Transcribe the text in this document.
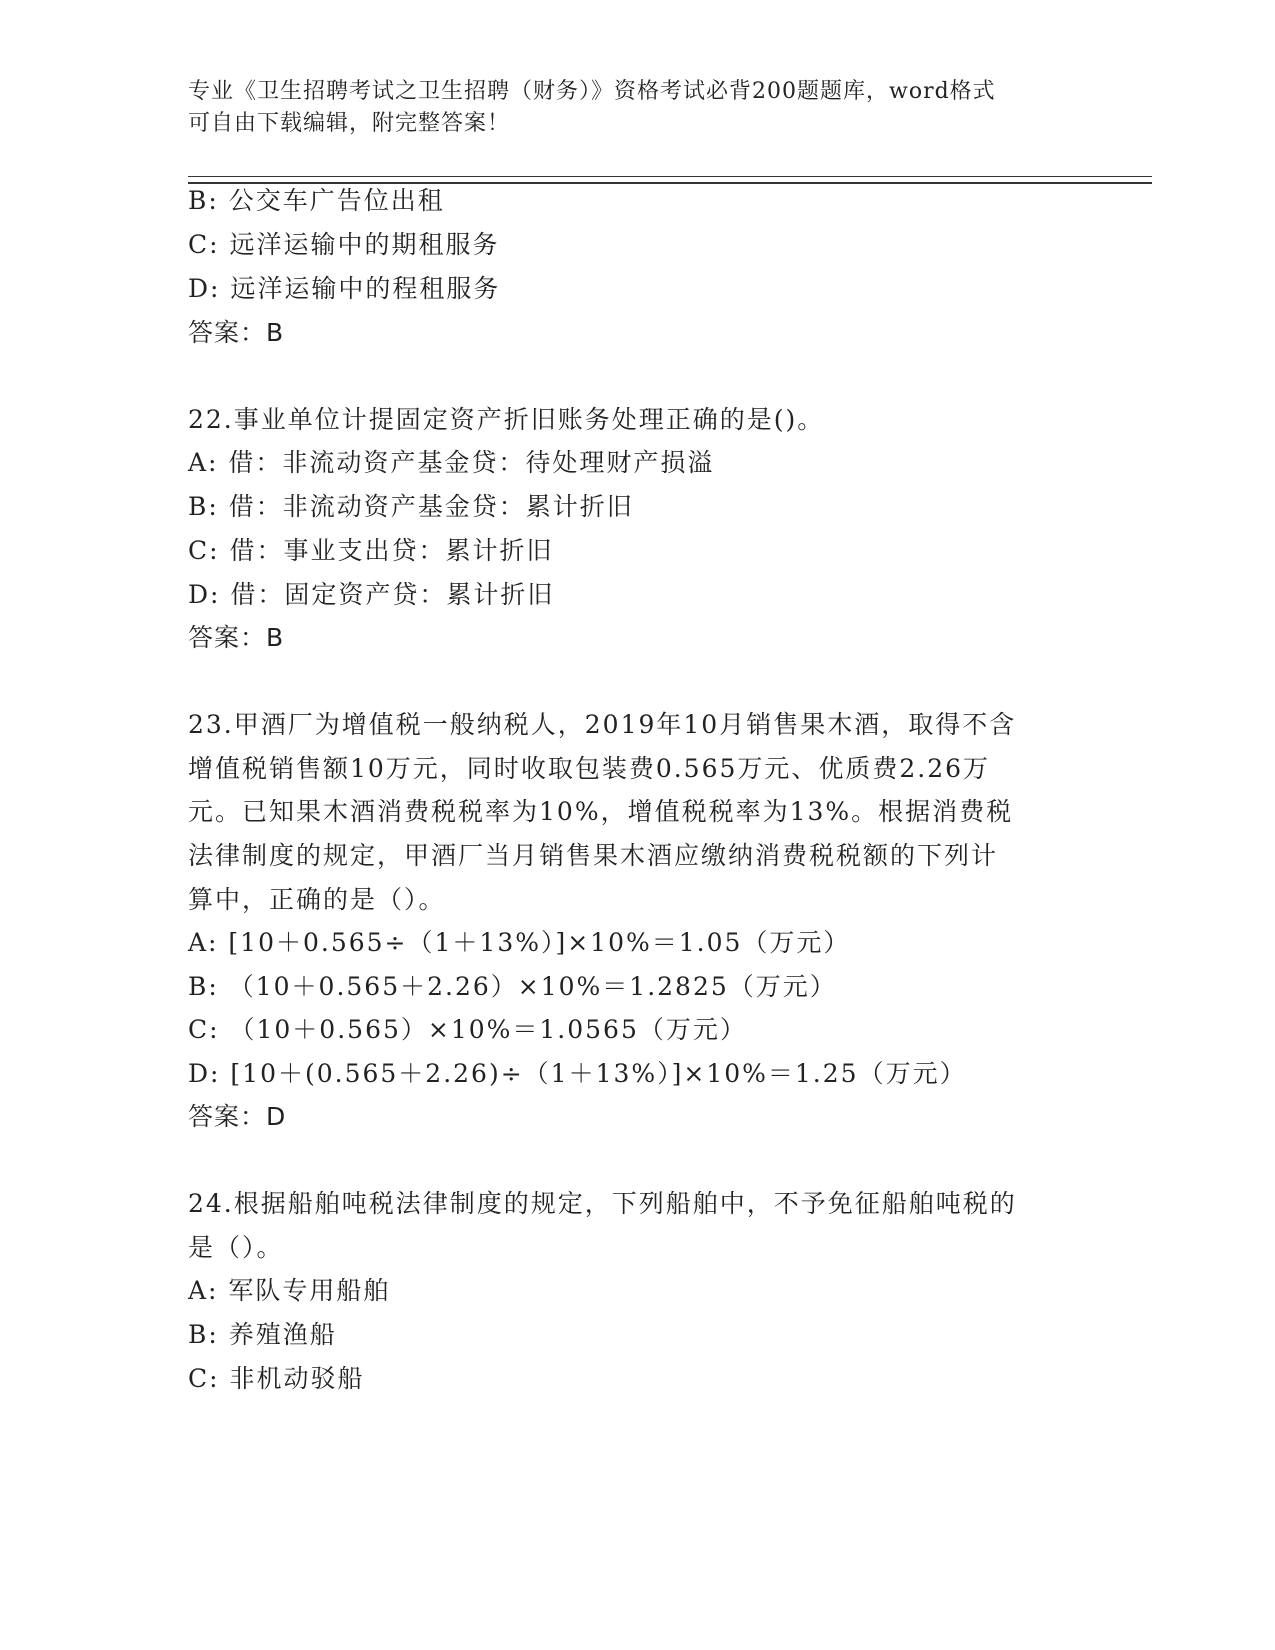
专业《卫生招聘考试之卫生招聘（财务）》资格考试必背200题题库，word格式
可自由下载编辑，附完整答案！
B: 公交车广告位出租
C: 远洋运输中的期租服务
D: 远洋运输中的程租服务
答案：B
22.事业单位计提固定资产折旧账务处理正确的是()。
A: 借：非流动资产基金贷：待处理财产损溢
B: 借：非流动资产基金贷：累计折旧
C: 借：事业支出贷：累计折旧
D: 借：固定资产贷：累计折旧
答案：B
23.甲酒厂为增值税一般纳税人，2019年10月销售果木酒，取得不含
增值税销售额10万元，同时收取包装费0.565万元、优质费2.26万
元。已知果木酒消费税税率为10%，增值税税率为13%。根据消费税
法律制度的规定，甲酒厂当月销售果木酒应缴纳消费税税额的下列计
算中，正确的是（）。
A: [10＋0.565÷（1＋13%）]×10%＝1.05（万元）
B: （10＋0.565＋2.26）×10%＝1.2825（万元）
C: （10＋0.565）×10%＝1.0565（万元）
D: [10＋(0.565＋2.26)÷（1＋13%）]×10%＝1.25（万元）
答案：D
24.根据船舶吨税法律制度的规定，下列船舶中，不予免征船舶吨税的
是（）。
A: 军队专用船舶
B: 养殖渔船
C: 非机动驳船
